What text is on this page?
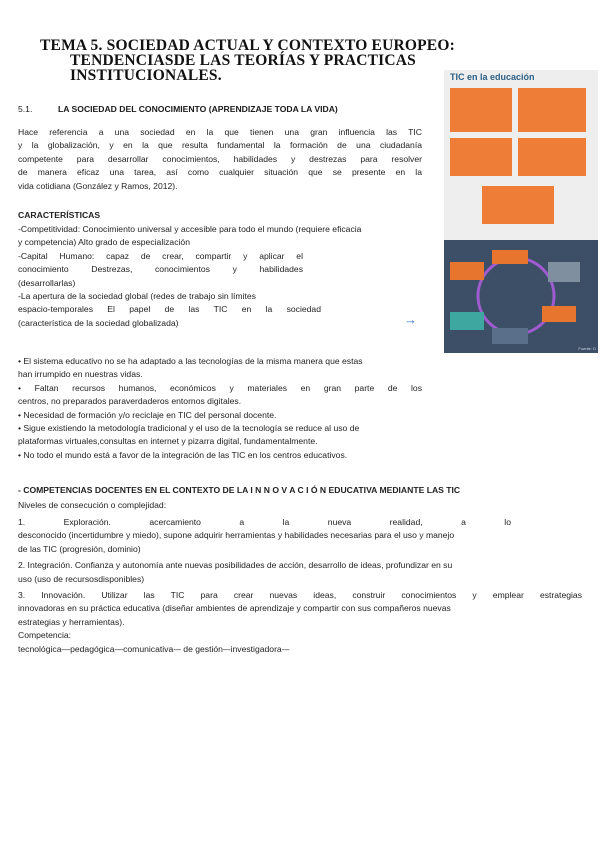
TEMA 5. SOCIEDAD ACTUAL Y CONTEXTO EUROPEO:
TENDENCIASDE LAS TEORÍAS Y PRACTICAS
INSTITUCIONALES.
5.1.	LA SOCIEDAD DEL CONOCIMIENTO (APRENDIZAJE TODA LA VIDA)
Hace referencia a una sociedad en la que tienen una gran influencia las TIC
y la globalización, y en la que resulta fundamental la formación de una ciudadanía
competente para desarrollar conocimientos, habilidades y destrezas para resolver
de manera eficaz una tarea, así como cualquier situación que se presente en la
vida cotidiana (González y Ramos, 2012).
CARACTERÍSTICAS
-Competitividad: Conocimiento universal y accesible para todo el mundo (requiere eficacia
y competencia) Alto grado de especialización
-Capital Humano: capaz de crear, compartir y aplicar el
conocimiento Destrezas, conocimientos y habilidades
(desarrollarlas)
-La apertura de la sociedad global (redes de trabajo sin límites
espacio-temporales El papel de las TIC en la sociedad
(característica de la sociedad globalizada)	→
TIC en la educación
Fuente: D
• El sistema educativo no se ha adaptado a las tecnologías de la misma manera que estas
han irrumpido en nuestras vidas.
• Faltan recursos humanos, económicos y materiales en gran parte de los
centros, no preparados paraverdaderos entornos digitales.
• Necesidad de formación y/o reciclaje en TIC del personal docente.
• Sigue existiendo la metodología tradicional y el uso de la tecnología se reduce al uso de
plataformas virtuales,consultas en internet y pizarra digital, fundamentalmente.
• No todo el mundo está a favor de la integración de las TIC en los centros educativos.
- COMPETENCIAS DOCENTES EN EL CONTEXTO DE LA I N N O V A C I Ó N EDUCATIVA MEDIANTE LAS TIC
Niveles de consecución o complejidad:
1. Exploración. acercamiento a la nueva realidad, a lo
desconocido (incertidumbre y miedo), supone adquirir herramientas y habilidades necesarias para el uso y manejo
de las TIC (progresión, dominio)
2. Integración. Confianza y autonomía ante nuevas posibilidades de acción, desarrollo de ideas, profundizar en su
uso (uso de recursosdisponibles)
3. Innovación. Utilizar las TIC para crear nuevas ideas, construir conocimientos y emplear estrategias
innovadoras en su práctica educativa (diseñar ambientes de aprendizaje y compartir con sus compañeros nuevas
estrategias y herramientas).
Competencia:
tecnológica—pedagógica—comunicativa-– de gestión–-investigadora-–
